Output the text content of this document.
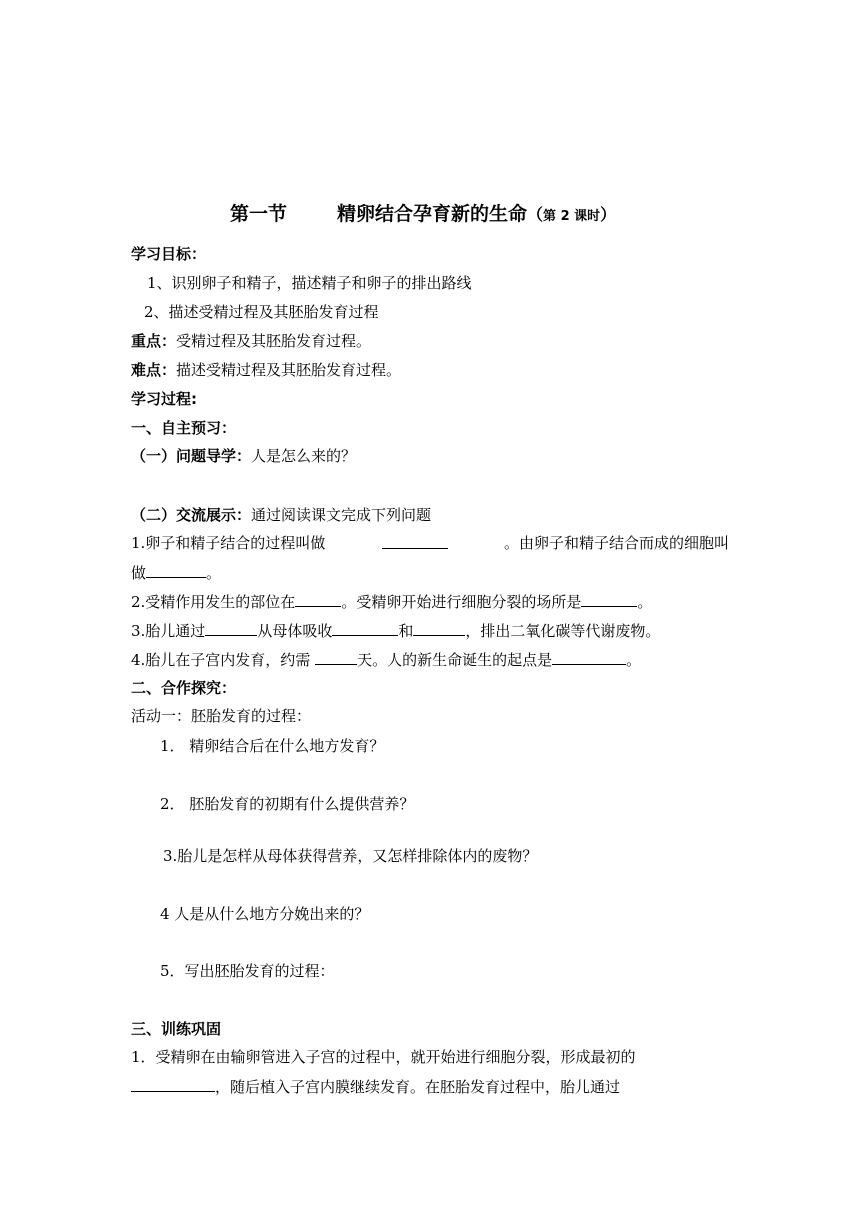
第一节	精卵结合孕育新的生命（第 2 课时）
学习目标：
1、识别卵子和精子，描述精子和卵子的排出路线
2、描述受精过程及其胚胎发育过程
重点：受精过程及其胚胎发育过程。
难点：描述受精过程及其胚胎发育过程。
学习过程:
一、自主预习：
（一）问题导学：人是怎么来的？
（二）交流展示：通过阅读课文完成下列问题
1.卵子和精子结合的过程叫做	。由卵子和精子结合而成的细胞叫
做	。
2.受精作用发生的部位在	。受精卵开始进行细胞分裂的场所是	。
3.胎儿通过	从母体吸收	和	，排出二氧化碳等代谢废物。
4.胎儿在子宫内发育，约需	天。人的新生命诞生的起点是	。
二、合作探究：
活动一：胚胎发育的过程：
1． 精卵结合后在什么地方发育？
2． 胚胎发育的初期有什么提供营养？
3.胎儿是怎样从母体获得营养，又怎样排除体内的废物？
4 人是从什么地方分娩出来的？
5．写出胚胎发育的过程：
三、训练巩固
1．受精卵在由输卵管进入子宫的过程中，就开始进行细胞分裂，形成最初的
，随后植入子宫内膜继续发育。在胚胎发育过程中，胎儿通过
